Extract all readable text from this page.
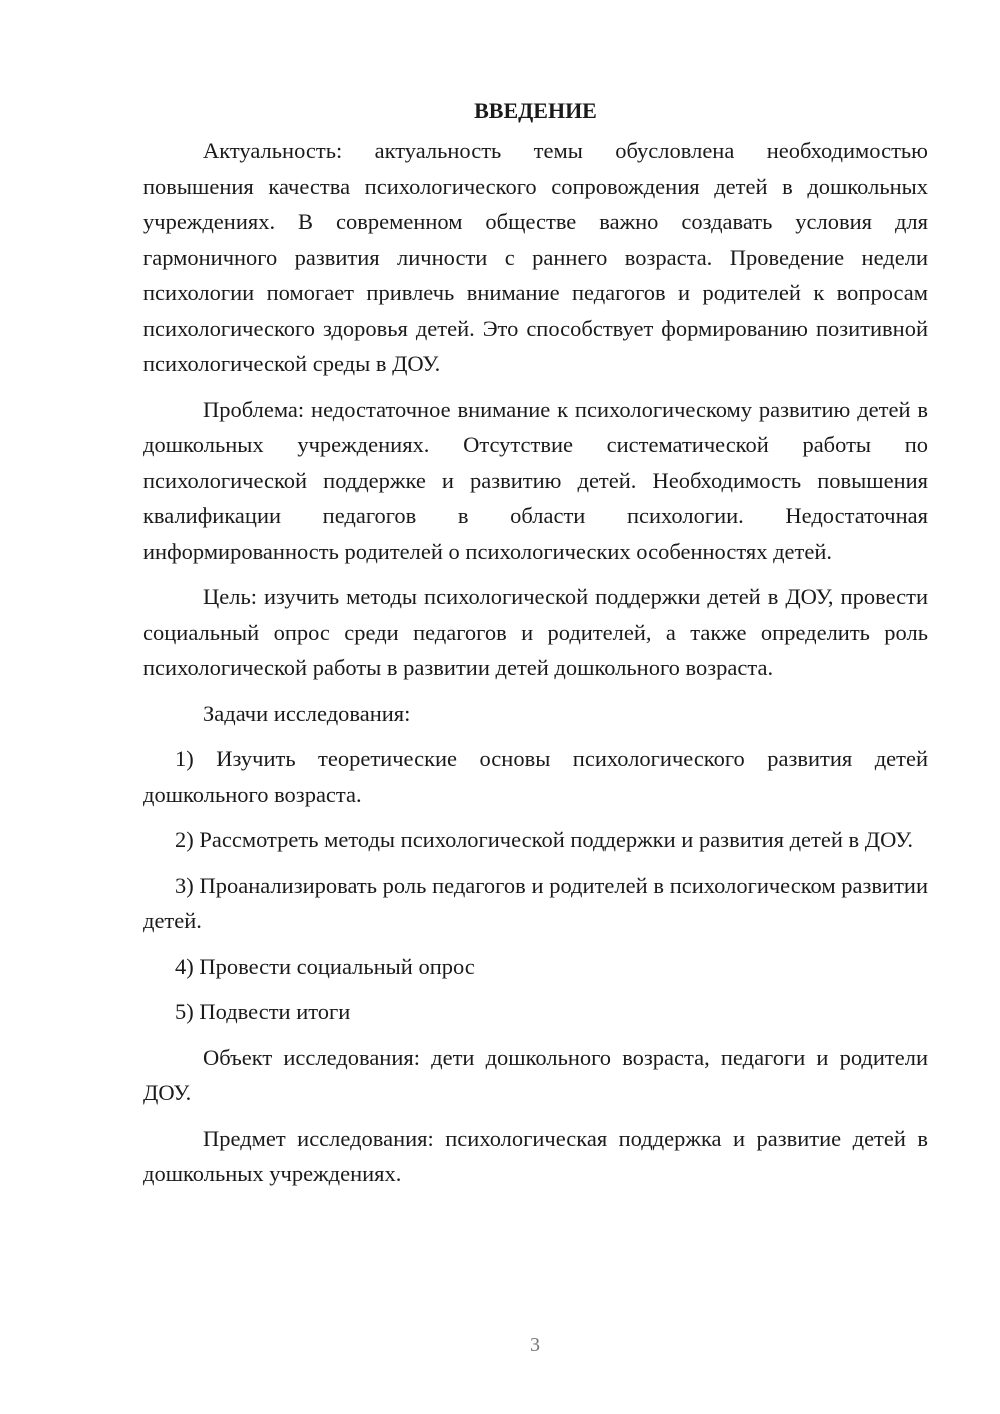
ВВЕДЕНИЕ

Актуальность: актуальность темы обусловлена необходимостью повышения качества психологического сопровождения детей в дошкольных учреждениях. В современном обществе важно создавать условия для гармоничного развития личности с раннего возраста. Проведение недели психологии помогает привлечь внимание педагогов и родителей к вопросам психологического здоровья детей. Это способствует формированию позитивной психологической среды в ДОУ.

Проблема: недостаточное внимание к психологическому развитию детей в дошкольных учреждениях. Отсутствие систематической работы по психологической поддержке и развитию детей. Необходимость повышения квалификации педагогов в области психологии. Недостаточная информированность родителей о психологических особенностях детей.

Цель: изучить методы психологической поддержки детей в ДОУ, провести социальный опрос среди педагогов и родителей, а также определить роль психологической работы в развитии детей дошкольного возраста.

Задачи исследования:

1) Изучить теоретические основы психологического развития детей дошкольного возраста.

2) Рассмотреть методы психологической поддержки и развития детей в ДОУ.

3) Проанализировать роль педагогов и родителей в психологическом развитии детей.

4) Провести социальный опрос

5) Подвести итоги

Объект исследования: дети дошкольного возраста, педагоги и родители ДОУ.

Предмет исследования: психологическая поддержка и развитие детей в дошкольных учреждениях.

3
